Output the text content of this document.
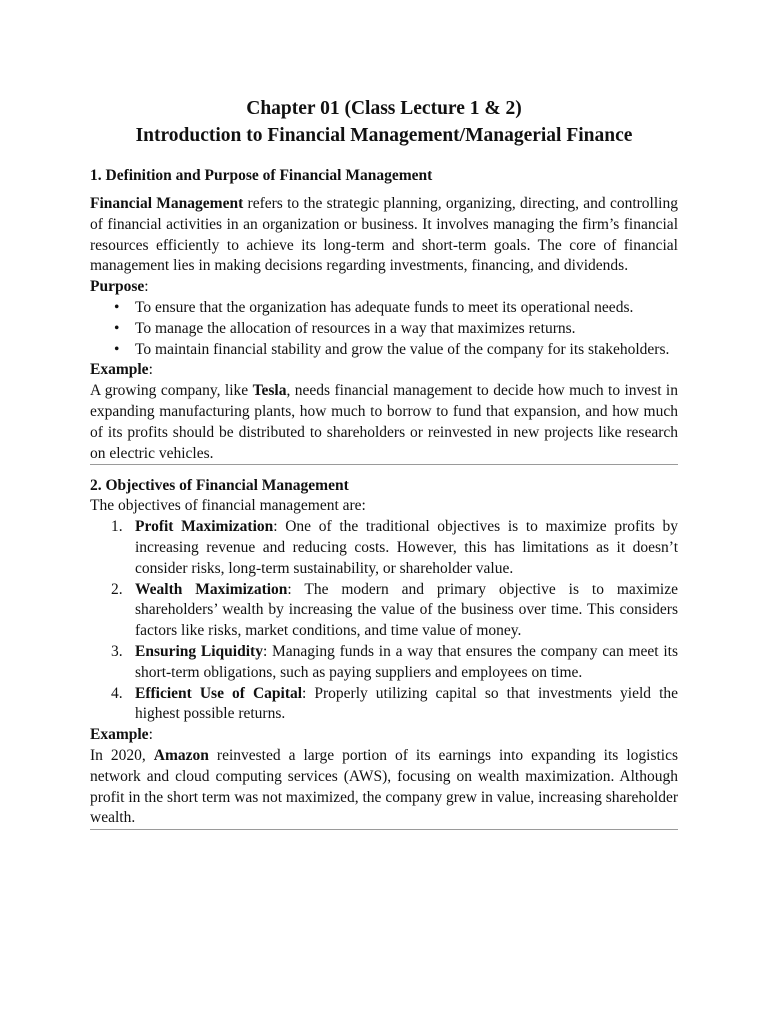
Chapter 01 (Class Lecture 1 & 2)
Introduction to Financial Management/Managerial Finance
1. Definition and Purpose of Financial Management

Financial Management refers to the strategic planning, organizing, directing, and controlling of financial activities in an organization or business. It involves managing the firm’s financial resources efficiently to achieve its long-term and short-term goals. The core of financial management lies in making decisions regarding investments, financing, and dividends.

Purpose:
• To ensure that the organization has adequate funds to meet its operational needs.
• To manage the allocation of resources in a way that maximizes returns.
• To maintain financial stability and grow the value of the company for its stakeholders.
Example:

A growing company, like Tesla, needs financial management to decide how much to invest in expanding manufacturing plants, how much to borrow to fund that expansion, and how much of its profits should be distributed to shareholders or reinvested in new projects like research on electric vehicles.

2. Objectives of Financial Management

The objectives of financial management are:

1. Profit Maximization: One of the traditional objectives is to maximize profits by increasing revenue and reducing costs. However, this has limitations as it doesn’t consider risks, long-term sustainability, or shareholder value.
2. Wealth Maximization: The modern and primary objective is to maximize shareholders’ wealth by increasing the value of the business over time. This considers factors like risks, market conditions, and time value of money.
3. Ensuring Liquidity: Managing funds in a way that ensures the company can meet its short-term obligations, such as paying suppliers and employees on time.
4. Efficient Use of Capital: Properly utilizing capital so that investments yield the highest possible returns.
Example:

In 2020, Amazon reinvested a large portion of its earnings into expanding its logistics network and cloud computing services (AWS), focusing on wealth maximization. Although profit in the short term was not maximized, the company grew in value, increasing shareholder wealth.
